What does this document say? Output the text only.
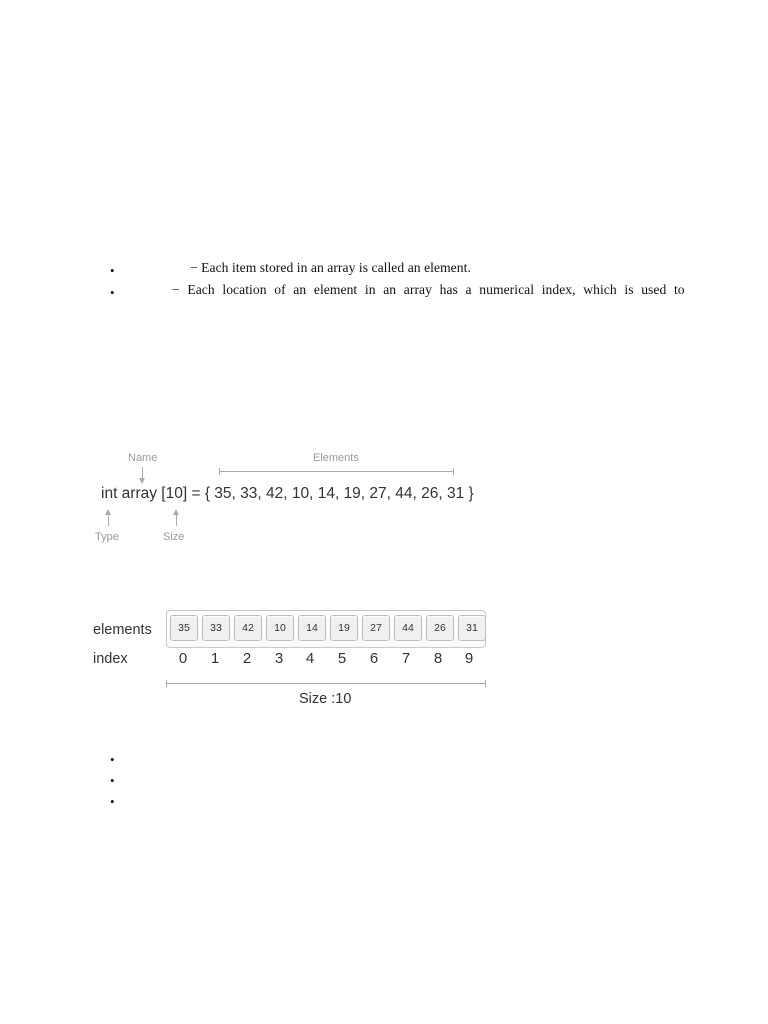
•	− Each item stored in an array is called an element.
•	− Each location of an element in an array has a numerical index, which is used to
Name	Elements
int array [10] = { 35, 33, 42, 10, 14, 19, 27, 44, 26, 31 }
Type	Size
elements	35	33	42	10	14	19	27	44	26	31
index	0	1	2	3	4	5	6	7	8	9
Size :10
•
•
•
